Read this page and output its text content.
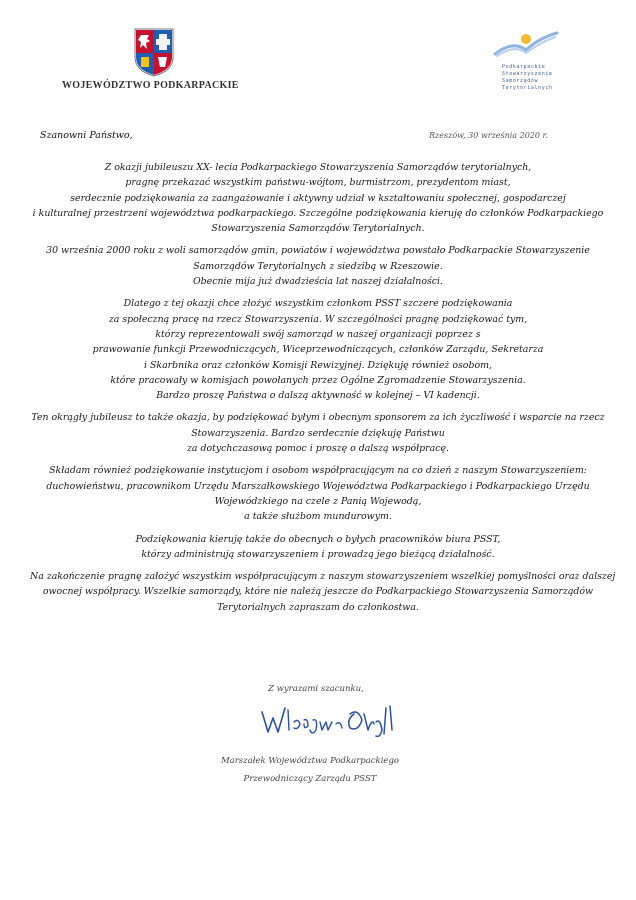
WOJEWÓDZTWO PODKARPACKIE
Podkarpackie
Stowarzyszenie
Samorządów
Terytorialnych
Szanowni Państwo,	Rzeszów, 30 września 2020 r.

Z okazji jubileuszu XX- lecia Podkarpackiego Stowarzyszenia Samorządów terytorialnych,
pragnę przekazać wszystkim państwu-wójtom, burmistrzom, prezydentom miast,
serdecznie podziękowania za zaangażowanie i aktywny udział w kształtowaniu społecznej, gospodarczej
i kulturalnej przestrzeni województwa podkarpackiego. Szczególne podziękowania kieruję do członków Podkarpackiego
Stowarzyszenia Samorządów Terytorialnych.

30 września 2000 roku z woli samorządów gmin, powiatów i województwa powstało Podkarpackie Stowarzyszenie
Samorządów Terytorialnych z siedzibą w Rzeszowie.
Obecnie mija już dwadzieścia lat naszej działalności.

Dlatego z tej okazji chce złożyć wszystkim członkom PSST szczere podziękowania
za społeczną pracę na rzecz Stowarzyszenia. W szczególności pragnę podziękować tym,
którzy reprezentowali swój samorząd w naszej organizacji poprzez s
prawowanie funkcji Przewodniczących, Wiceprzewodniczących, członków Zarządu, Sekretarza
i Skarbnika oraz członków Komisji Rewizyjnej. Dziękuję również osobom,
które pracowały w komisjach powołanych przez Ogólne Zgromadzenie Stowarzyszenia.
Bardzo proszę Państwa o dalszą aktywność w kolejnej – VI kadencji.

Ten okrągły jubileusz to także okazja, by podziękować byłym i obecnym sponsorem za ich życzliwość i wsparcie na rzecz
Stowarzyszenia. Bardzo serdecznie dziękuję Państwu
za dotychczasową pomoc i proszę o dalszą współpracę.

Składam również podziękowanie instytucjom i osobom współpracującym na co dzień z naszym Stowarzyszeniem:
duchowieństwu, pracownikom Urzędu Marszałkowskiego Województwa Podkarpackiego i Podkarpackiego Urzędu
Wojewódzkiego na czele z Panią Wojewodą,
a także służbom mundurowym.

Podziękowania kieruję także do obecnych o byłych pracowników biura PSST,
którzy administrują stowarzyszeniem i prowadzą jego bieżącą działalność.

Na zakończenie pragnę założyć wszystkim współpracującym z naszym stowarzyszeniem wszelkiej pomyślności oraz dalszej
owocnej współpracy. Wszelkie samorządy, które nie należą jeszcze do Podkarpackiego Stowarzyszenia Samorządów
Terytorialnych zapraszam do członkostwa.

Z wyrazami szacunku,
Marszałek Województwa Podkarpackiego
Przewodniczący Zarządu PSST
